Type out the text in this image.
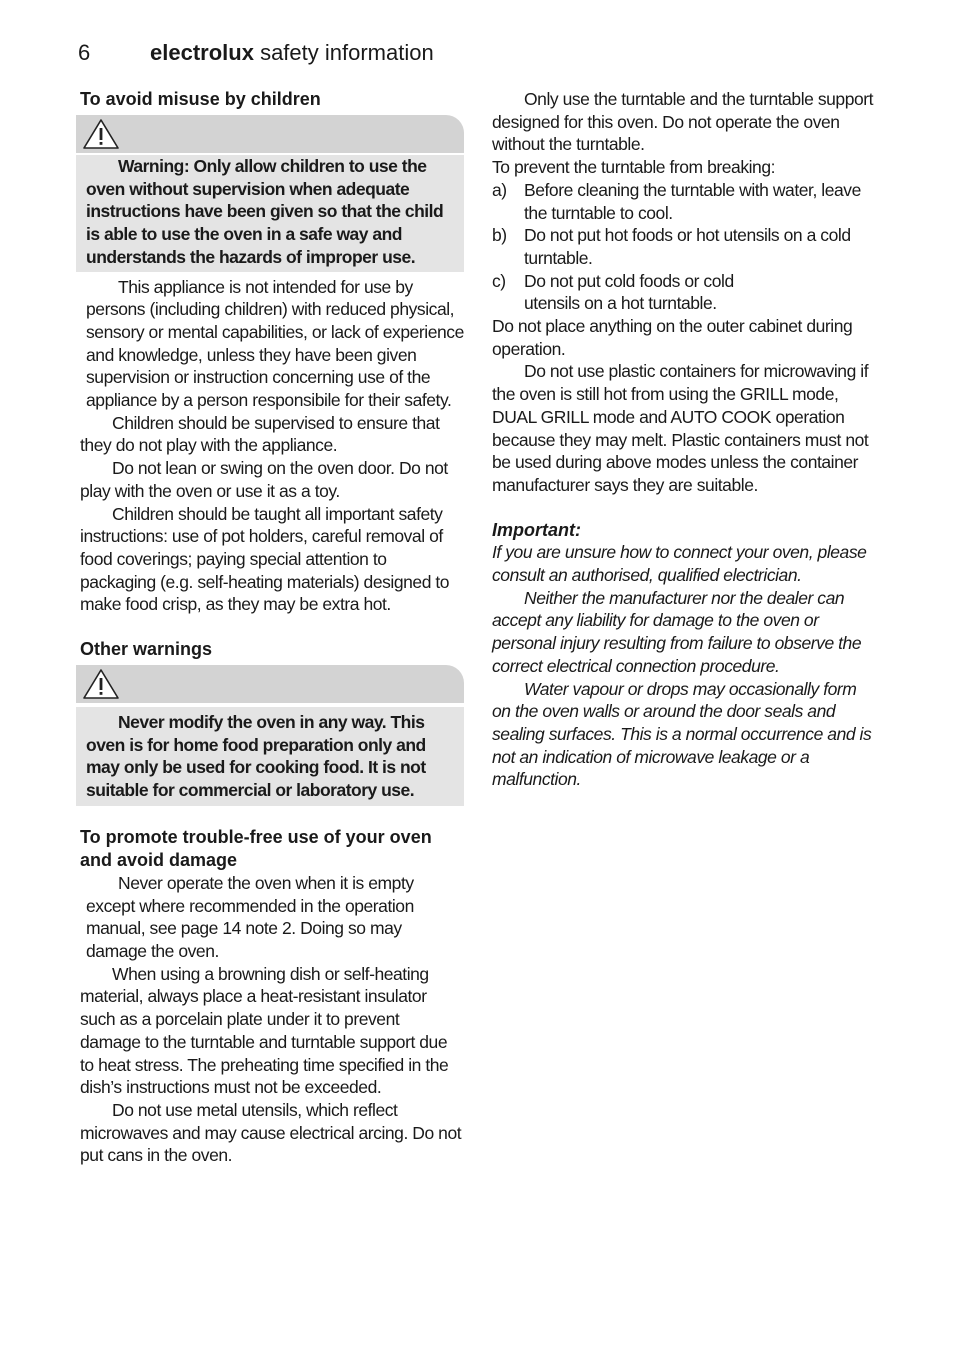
6	electrolux safety information
To avoid misuse by children

Warning: Only allow children to use the oven without supervision when adequate instructions have been given so that the child is able to use the oven in a safe way and understands the hazards of improper use.

This appliance is not intended for use by persons (including children) with reduced physical, sensory or mental capabilities, or lack of experience and knowledge, unless they have been given supervision or instruction concerning use of the appliance by a person responsibile for their safety.

Children should be supervised to ensure that they do not play with the appliance.

Do not lean or swing on the oven door. Do not play with the oven or use it as a toy.

Children should be taught all important safety instructions: use of pot holders, careful removal of food coverings; paying special attention to packaging (e.g. self-heating materials) designed to make food crisp, as they may be extra hot.

Other warnings

Never modify the oven in any way. This oven is for home food preparation only and may only be used for cooking food. It is not suitable for commercial or laboratory use.

To promote trouble-free use of your oven and avoid damage

Never operate the oven when it is empty except where recommended in the operation manual, see page 14 note 2. Doing so may damage the oven.

When using a browning dish or self-heating material, always place a heat-resistant insulator such as a porcelain plate under it to prevent damage to the turntable and turntable support due to heat stress. The preheating time specified in the dish’s instructions must not be exceeded.

Do not use metal utensils, which reflect microwaves and may cause electrical arcing. Do not put cans in the oven.

Only use the turntable and the turntable support designed for this oven. Do not operate the oven without the turntable.

To prevent the turntable from breaking:

a) Before cleaning the turntable with water, leave the turntable to cool.
b) Do not put hot foods or hot utensils on a cold turntable.
c)	Do not put cold foods or cold utensils on a hot turntable.

Do not place anything on the outer cabinet during operation.

Do not use plastic containers for microwaving if the oven is still hot from using the GRILL mode, DUAL GRILL mode and AUTO COOK operation because they may melt. Plastic containers must not be used during above modes unless the container manufacturer says they are suitable.

Important:

If you are unsure how to connect your oven, please consult an authorised, qualified electrician.

Neither the manufacturer nor the dealer can accept any liability for damage to the oven or personal injury resulting from failure to observe the correct electrical connection procedure.

Water vapour or drops may occasionally form on the oven walls or around the door seals and sealing surfaces. This is a normal occurrence and is not an indication of microwave leakage or a malfunction.
